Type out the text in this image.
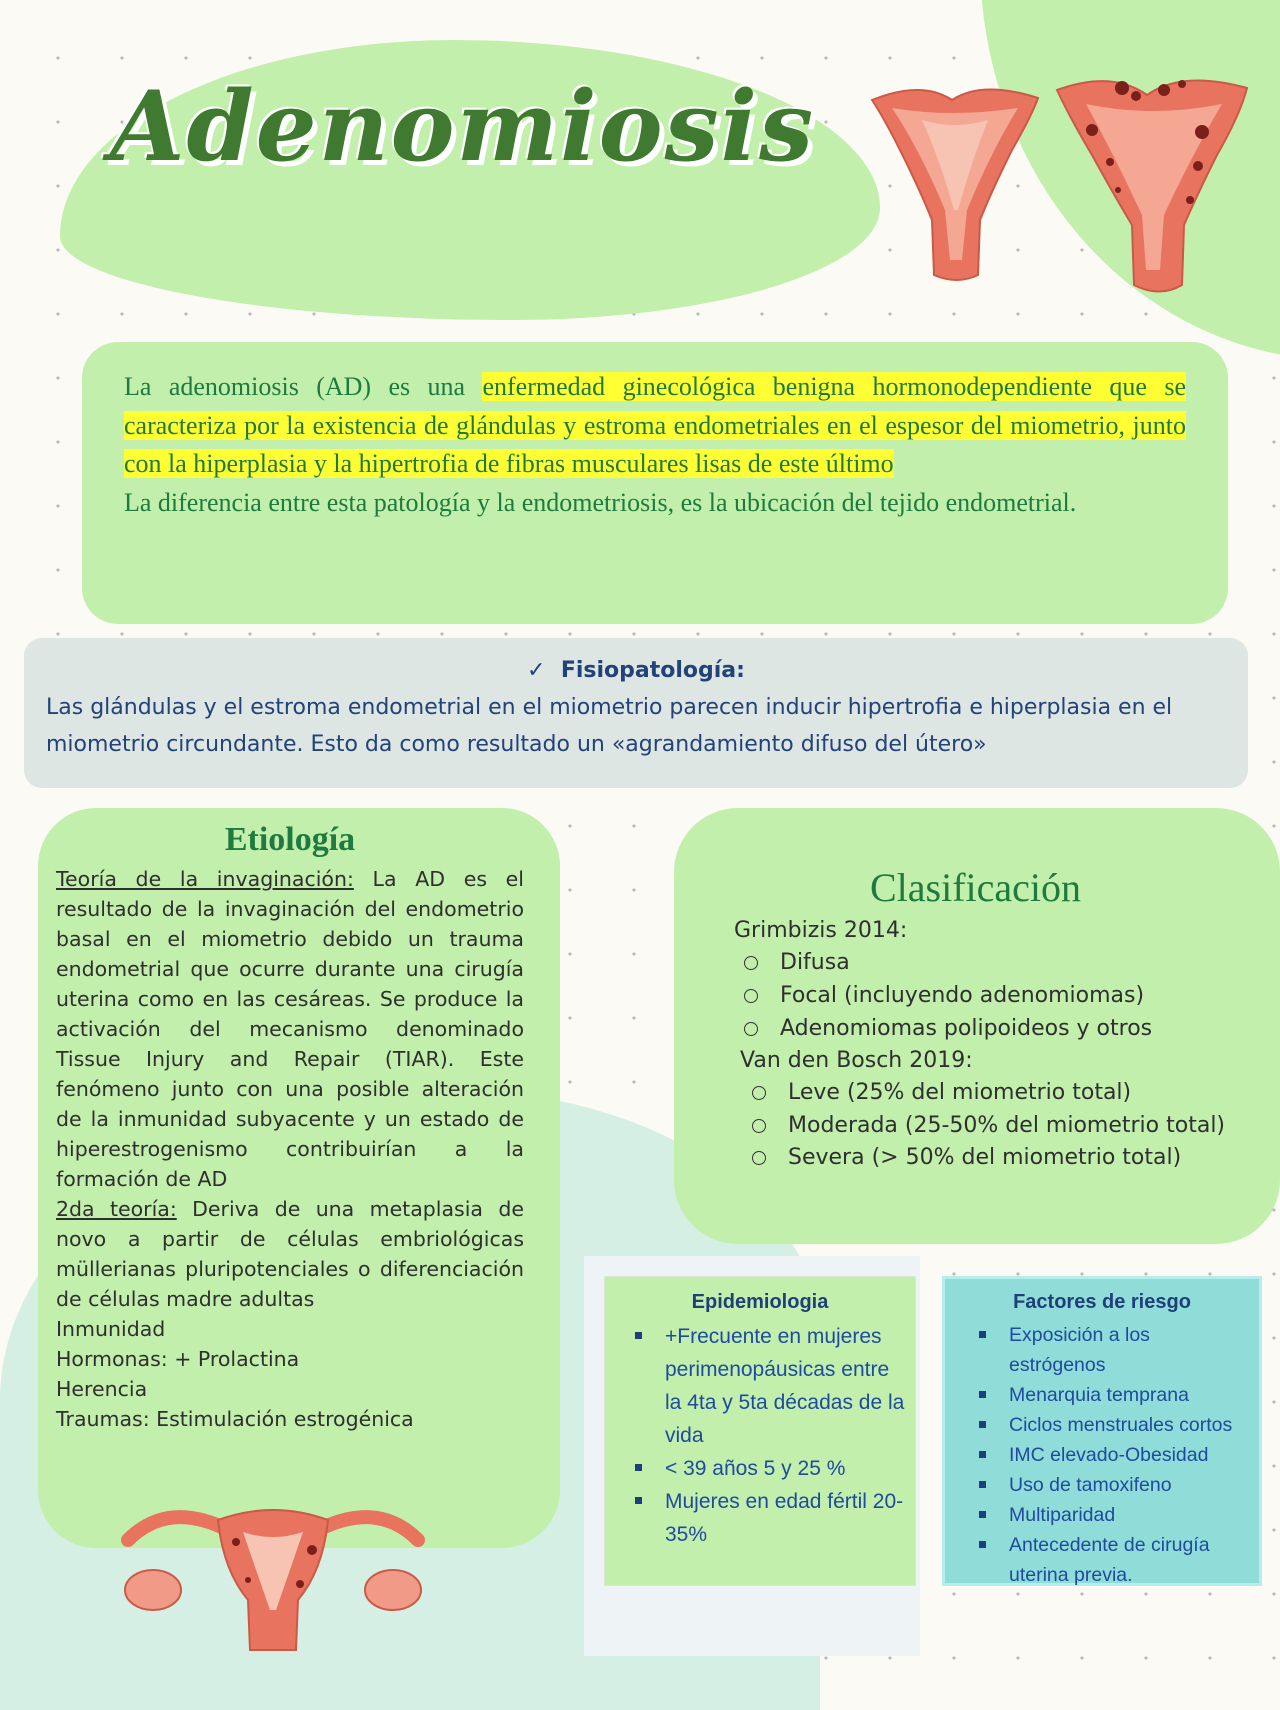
Adenomiosis
La adenomiosis (AD) es una enfermedad ginecológica benigna hormonodependiente que se caracteriza por la existencia de glándulas y estroma endometriales en el espesor del miometrio, junto con la hiperplasia y la hipertrofia de fibras musculares lisas de este último
La diferencia entre esta patología y la endometriosis, es la ubicación del tejido endometrial.
✓  Fisiopatología:
Las glándulas y el estroma endometrial en el miometrio parecen inducir hipertrofia e hiperplasia en el miometrio circundante. Esto da como resultado un «agrandamiento difuso del útero»
Etiología
Teoría de la invaginación: La AD es el resultado de la invaginación del endometrio basal en el miometrio debido un trauma endometrial que ocurre durante una cirugía uterina como en las cesáreas. Se produce la activación del mecanismo denominado Tissue Injury and Repair (TIAR). Este fenómeno junto con una posible alteración de la inmunidad subyacente y un estado de hiperestrogenismo contribuirían a la formación de AD
2da teoría: Deriva de una metaplasia de novo a partir de células embriológicas müllerianas pluripotenciales o diferenciación de células madre adultas
Inmunidad
Hormonas: + Prolactina
Herencia
Traumas: Estimulación estrogénica
Clasificación
Grimbizis 2014:
Difusa
Focal (incluyendo adenomiomas)
Adenomiomas polipoideos y otros
Van den Bosch 2019:
Leve (25% del miometrio total)
Moderada (25-50% del miometrio total)
Severa (> 50% del miometrio total)
Epidemiologia
+Frecuente en mujeres perimenopáusicas entre la 4ta y 5ta décadas de la vida
< 39 años 5 y 25 %
Mujeres en edad fértil 20-35%
Factores de riesgo
Exposición a los estrógenos
Menarquia temprana
Ciclos menstruales cortos
IMC elevado-Obesidad
Uso de tamoxifeno
Multiparidad
Antecedente de cirugía uterina previa.
